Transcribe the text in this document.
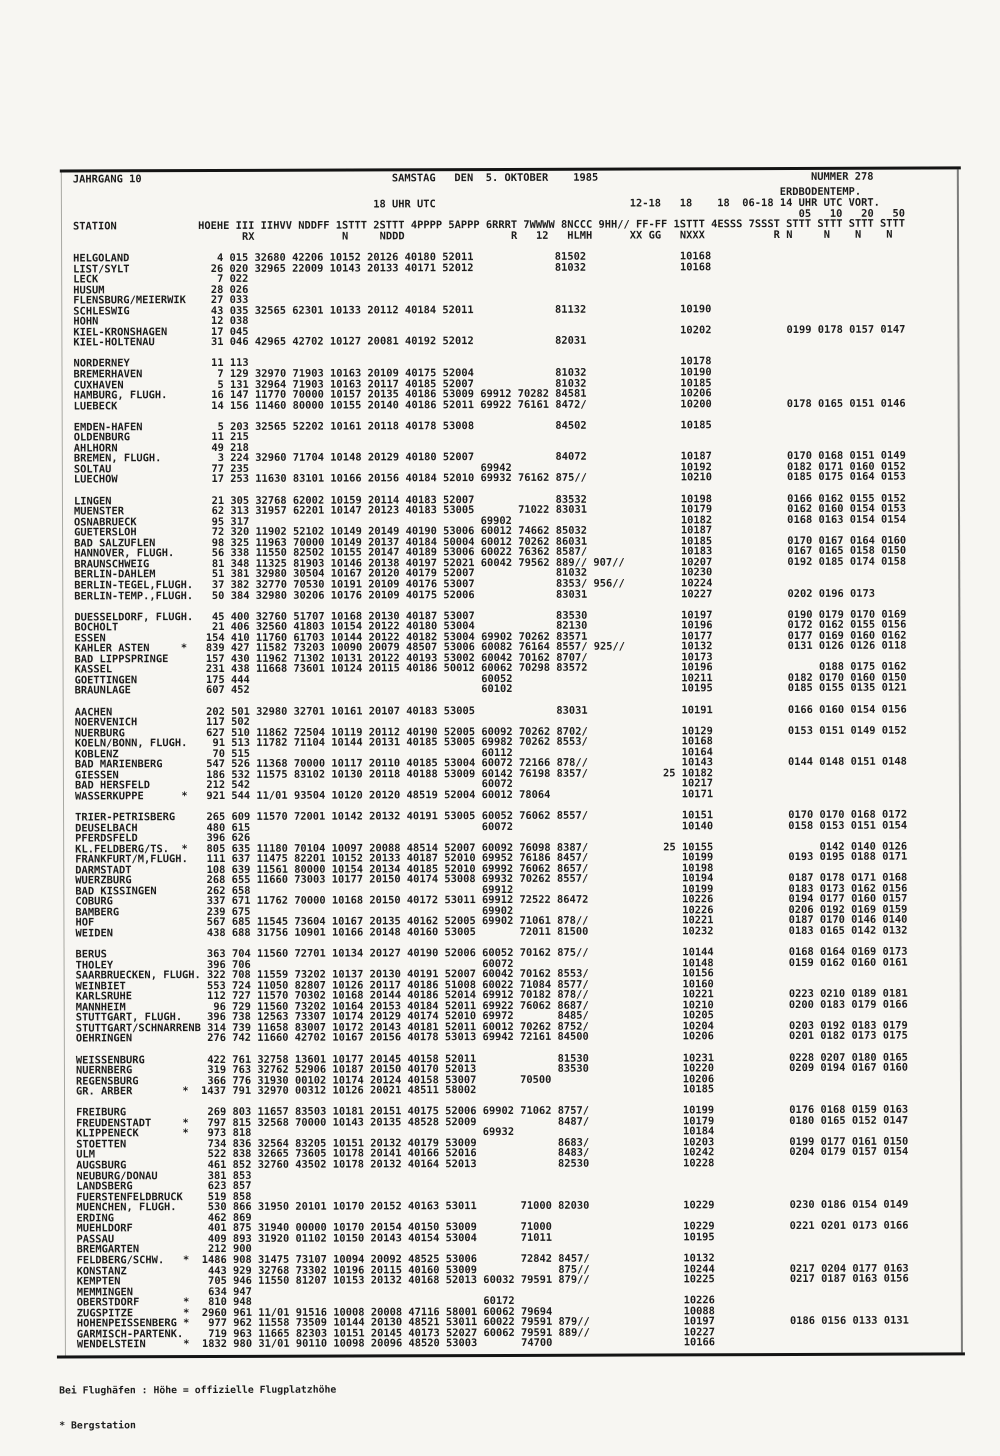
JAHRGANG 10	SAMSTAG   DEN  5. OKTOBER    1985	NUMMER 278
ERDBODENTEMP.
18 UHR UTC                               12-18   18    18  06-18 14 UHR UTC VORT.
05   10   20   50
STATION             HOEHE III IIHVV NDDFF 1STTT 2STTT 4PPPP 5APPP 6RRRT 7WWWW 8NCCC 9HH// FF-FF 1STTT 4ESSS 7SSST STTT STTT STTT STTT
RX              N     NDDD                 R   12   HLMH      XX GG   NXXX           R N     N    N    N
HELGOLAND              4 015 32680 42206 10152 20126 40180 52011             81502               10168
LIST/SYLT             26 020 32965 22009 10143 20133 40171 52012             81032               10168
LECK                   7 022
HUSUM                 28 026
FLENSBURG/MEIERWIK    27 033
SCHLESWIG             43 035 32565 62301 10133 20112 40184 52011             81132               10190
HOHN                  12 038
KIEL-KRONSHAGEN       17 045                                                                     10202            0199 0178 0157 0147
KIEL-HOLTENAU         31 046 42965 42702 10127 20081 40192 52012             82031

NORDERNEY             11 113                                                                     10178
BREMERHAVEN            7 129 32970 71903 10163 20109 40175 52004             81032               10190
CUXHAVEN               5 131 32964 71903 10163 20117 40185 52007             81032               10185
HAMBURG, FLUGH.       16 147 11770 70000 10157 20135 40186 53009 69912 70282 84581               10206
LUEBECK               14 156 11460 80000 10155 20140 40186 52011 69922 76161 8472/               10200            0178 0165 0151 0146

EMDEN-HAFEN            5 203 32565 52202 10161 20118 40178 53008             84502               10185
OLDENBURG             11 215
AHLHORN               49 218
BREMEN, FLUGH.         3 224 32960 71704 10148 20129 40180 52007             84072               10187            0170 0168 0151 0149
SOLTAU                77 235                                     69942                           10192            0182 0171 0160 0152
LUECHOW               17 253 11630 83101 10166 20156 40184 52010 69932 76162 875//               10210            0185 0175 0164 0153

LINGEN                21 305 32768 62002 10159 20114 40183 52007             83532               10198            0166 0162 0155 0152
MUENSTER              62 313 31957 62201 10147 20123 40183 53005       71022 83031               10179            0162 0160 0154 0153
OSNABRUECK            95 317                                     69902                           10182            0168 0163 0154 0154
GUETERSLOH            72 320 11902 52102 10149 20149 40190 53006 60012 74662 85032               10187
BAD SALZUFLEN         98 325 11963 70000 10149 20137 40184 50004 60012 70262 86031               10185            0170 0167 0164 0160
HANNOVER, FLUGH.      56 338 11550 82502 10155 20147 40189 53006 60022 76362 8587/               10183            0167 0165 0158 0150
BRAUNSCHWEIG          81 348 11325 81903 10146 20138 40197 52021 60042 79562 889// 907//         10207            0192 0185 0174 0158
BERLIN-DAHLEM         51 381 32980 30504 10167 20120 40179 52007             81032               10230
BERLIN-TEGEL,FLUGH.   37 382 32770 70530 10191 20109 40176 53007             8353/ 956//         10224
BERLIN-TEMP.,FLUGH.   50 384 32980 30206 10176 20109 40175 52006             83031               10227            0202 0196 0173

DUESSELDORF, FLUGH.   45 400 32760 51707 10168 20130 40187 53007             83530               10197            0190 0179 0170 0169
BOCHOLT               21 406 32560 41803 10154 20122 40180 53004             82130               10196            0172 0162 0155 0156
ESSEN                154 410 11760 61703 10144 20122 40182 53004 69902 70262 83571               10177            0177 0169 0160 0162
KAHLER ASTEN     *   839 427 11582 73203 10090 20079 48507 53006 60082 76164 8557/ 925//         10132            0131 0126 0126 0118
BAD LIPPSPRINGE      157 430 11962 71302 10131 20122 40193 53002 60042 70162 8707/               10173
KASSEL               231 438 11668 73601 10124 20115 40186 50012 60062 70298 83572               10196                 0188 0175 0162
GOETTINGEN           175 444                                     60052                           10211            0182 0170 0160 0150
BRAUNLAGE            607 452                                     60102                           10195            0185 0155 0135 0121

AACHEN               202 501 32980 32701 10161 20107 40183 53005             83031               10191            0166 0160 0154 0156
NOERVENICH           117 502
NUERBURG             627 510 11862 72504 10119 20112 40190 52005 60092 70262 8702/               10129            0153 0151 0149 0152
KOELN/BONN, FLUGH.    91 513 11782 71104 10144 20131 40185 53005 69982 70262 8553/               10168
KOBLENZ               70 515                                     60112                           10164
BAD MARIENBERG       547 526 11368 70000 10117 20110 40185 53004 60072 72166 878//               10143            0144 0148 0151 0148
GIESSEN              186 532 11575 83102 10130 20118 40188 53009 60142 76198 8357/            25 10182
BAD HERSFELD         212 542                                     60072                           10217
WASSERKUPPE      *   921 544 11/01 93504 10120 20120 48519 52004 60012 78064                     10171

TRIER-PETRISBERG     265 609 11570 72001 10142 20132 40191 53005 60052 76062 8557/               10151            0170 0170 0168 0172
DEUSELBACH           480 615                                     60072                           10140            0158 0153 0151 0154
PFERDSFELD           396 626
KL.FELDBERG/TS.  *   805 635 11180 70104 10097 20088 48514 52007 60092 76098 8387/            25 10155                 0142 0140 0126
FRANKFURT/M,FLUGH.   111 637 11475 82201 10152 20133 40187 52010 69952 76186 8457/               10199            0193 0195 0188 0171
DARMSTADT            108 639 11561 80000 10154 20134 40185 52010 69992 76062 8657/               10198
WUERZBURG            268 655 11660 73003 10177 20150 40174 53008 69932 70262 8557/               10194            0187 0178 0171 0168
BAD KISSINGEN        262 658                                     69912                           10199            0183 0173 0162 0156
COBURG               337 671 11762 70000 10168 20150 40172 53011 69912 72522 86472               10226            0194 0177 0160 0157
BAMBERG              239 675                                     69902                           10226            0206 0192 0169 0159
HOF                  567 685 11545 73604 10167 20135 40162 52005 69902 71061 878//               10221            0187 0170 0146 0140
WEIDEN               438 688 31756 10901 10166 20148 40160 53005       72011 81500               10232            0183 0165 0142 0132

BERUS                363 704 11560 72701 10134 20127 40190 52006 60052 70162 875//               10144            0168 0164 0169 0173
THOLEY               396 706                                     60072                           10148            0159 0162 0160 0161
SAARBRUECKEN, FLUGH. 322 708 11559 73202 10137 20130 40191 52007 60042 70162 8553/               10156
WEINBIET             553 724 11050 82807 10126 20117 40186 51008 60022 71084 8577/               10160
KARLSRUHE            112 727 11570 70302 10168 20144 40186 52014 69912 70182 878//               10221            0223 0210 0189 0181
MANNHEIM              96 729 11560 73202 10164 20153 40184 52011 69922 76062 8687/               10210            0200 0183 0179 0166
STUTTGART, FLUGH.    396 738 12563 73307 10174 20129 40174 52010 69972       8485/               10205
STUTTGART/SCHNARRENB 314 739 11658 83007 10172 20143 40181 52011 60012 70262 8752/               10204            0203 0192 0183 0179
OEHRINGEN            276 742 11660 42702 10167 20156 40178 53013 69942 72161 84500               10206            0201 0182 0173 0175

WEISSENBURG          422 761 32758 13601 10177 20145 40158 52011             81530               10231            0228 0207 0180 0165
NUERNBERG            319 763 32762 52906 10187 20150 40170 52013             83530               10220            0209 0194 0167 0160
REGENSBURG           366 776 31930 00102 10174 20124 40158 53007       70500                     10206
GR. ARBER        *  1437 791 32970 00312 10126 20021 48511 58002                                 10185

FREIBURG             269 803 11657 83503 10181 20151 40175 52006 69902 71062 8757/               10199            0176 0168 0159 0163
FREUDENSTADT     *   797 815 32568 70000 10143 20135 48528 52009             8487/               10179            0180 0165 0152 0147
KLIPPENECK       *   973 818                                     69932                           10184
STOETTEN             734 836 32564 83205 10151 20132 40179 53009             8683/               10203            0199 0177 0161 0150
ULM                  522 838 32665 73605 10178 20141 40166 52016             8483/               10242            0204 0179 0157 0154
AUGSBURG             461 852 32760 43502 10178 20132 40164 52013             82530               10228
NEUBURG/DONAU        381 853
LANDSBERG            623 857
FUERSTENFELDBRUCK    519 858
MUENCHEN, FLUGH.     530 866 31950 20101 10170 20152 40163 53011       71000 82030               10229            0230 0186 0154 0149
ERDING               462 869
MUEHLDORF            401 875 31940 00000 10170 20154 40150 53009       71000                     10229            0221 0201 0173 0166
PASSAU               409 893 31920 01102 10150 20143 40154 53004       71011                     10195
BREMGARTEN           212 900
FELDBERG/SCHW.   *  1486 908 31475 73107 10094 20092 48525 53006       72842 8457/               10132
KONSTANZ             443 929 32768 73302 10196 20115 40160 53009             875//               10244            0217 0204 0177 0163
KEMPTEN              705 946 11550 81207 10153 20132 40168 52013 60032 79591 879//               10225            0217 0187 0163 0156
MEMMINGEN            634 947
OBERSTDORF       *   810 948                                     60172                           10226
ZUGSPITZE        *  2960 961 11/01 91516 10008 20008 47116 58001 60062 79694                     10088
HOHENPEISSENBERG *   977 962 11558 73509 10144 20130 48521 53011 60022 79591 879//               10197            0186 0156 0133 0131
GARMISCH-PARTENK.    719 963 11665 82303 10151 20145 40173 52027 60062 79591 889//               10227
WENDELSTEIN      *  1832 980 31/01 90110 10098 20096 48520 53003       74700                     10166

Bei Flughäfen : Höhe = offizielle Flugplatzhöhe

* Bergstation
